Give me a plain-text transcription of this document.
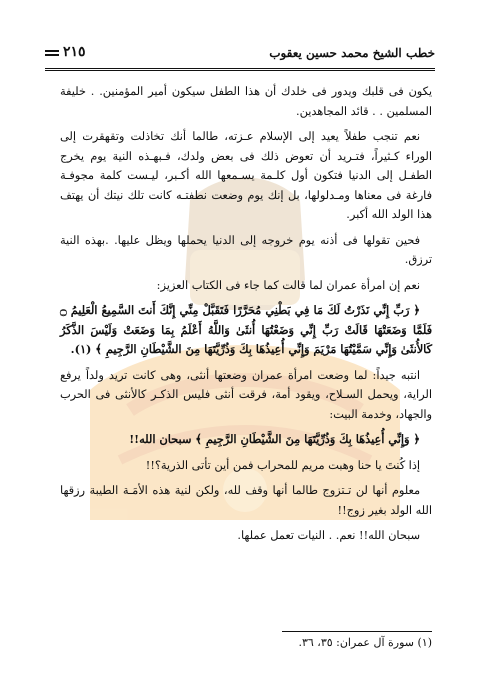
خطب الشيخ محمد حسين يعقوب
٢١٥

يكون فى قلبك ويدور فى خلدك أن هذا الطفل سيكون أمير المؤمنين. . خليفة المسلمين . . قائد المجاهدين.

نعم تنجب طفلاً يعيد إلى الإسلام عـزته، طالما أنك تخاذلت وتقهقرت إلى الوراء كـثيراً، فتـريد أن تعوض ذلك فى بعض ولدك، فـبهـذه النية يوم يخرج الطفـل إلى الدنيا فتكون أول كلـمة يسـمعها الله أكـبر، ليـست كلمة مجوفـة فارغة فى معناها ومـدلولها، بل إنك يوم وضعت نطفتـه كانت تلك نيتك أن يهتف هذا الولد الله أكبر.

فحين تقولها فى أذنه يوم خروجه إلى الدنيا يحملها ويظل عليها. .بهذه النية ترزق.

نعم إن امرأة عمران لما قالت كما جاء فى الكتاب العزيز:

﴿ رَبِّ إِنِّي نَذَرْتُ لَكَ مَا فِي بَطْنِي مُحَرَّرًا فَتَقَبَّلْ مِنِّي إِنَّكَ أَنتَ السَّمِيعُ الْعَلِيمُ ۝ فَلَمَّا وَضَعَتْهَا قَالَتْ رَبِّ إِنِّي وَضَعْتُهَا أُنثَىٰ وَاللَّهُ أَعْلَمُ بِمَا وَضَعَتْ وَلَيْسَ الذَّكَرُ كَالأُنثَىٰ وَإِنِّي سَمَّيْتُهَا مَرْيَمَ وَإِنِّي أُعِيذُهَا بِكَ وَذُرِّيَّتَهَا مِنَ الشَّيْطَانِ الرَّجِيمِ ﴾ (١).

انتبه جيداً: لما وضعت امرأة عمران وضعتها أنثى، وهى كانت تريد ولداً يرفع الراية، ويحمل السـلاح، ويقود أمة، فرقت أنثى فليس الذكـر كالأنثى فى الحرب والجهاد، وخدمة البيت:

﴿ وَإِنِّي أُعِيذُهَا بِكَ وَذُرِّيَّتَهَا مِنَ الشَّيْطَانِ الرَّجِيمِ ﴾ سبحان الله!!

إذا كُنتَ يا حنا وهبت مريم للمحراب فمن أين تأتى الذرية؟!!

معلوم أنها لن تـتزوج طالما أنها وقف لله، ولكن لنية هذه الأمَـة الطيبة رزقها الله الولد بغير زوج!!

سبحان الله!! نعم. . النيات تعمل عملها.

(١) سورة آل عمران: ٣٥، ٣٦.
